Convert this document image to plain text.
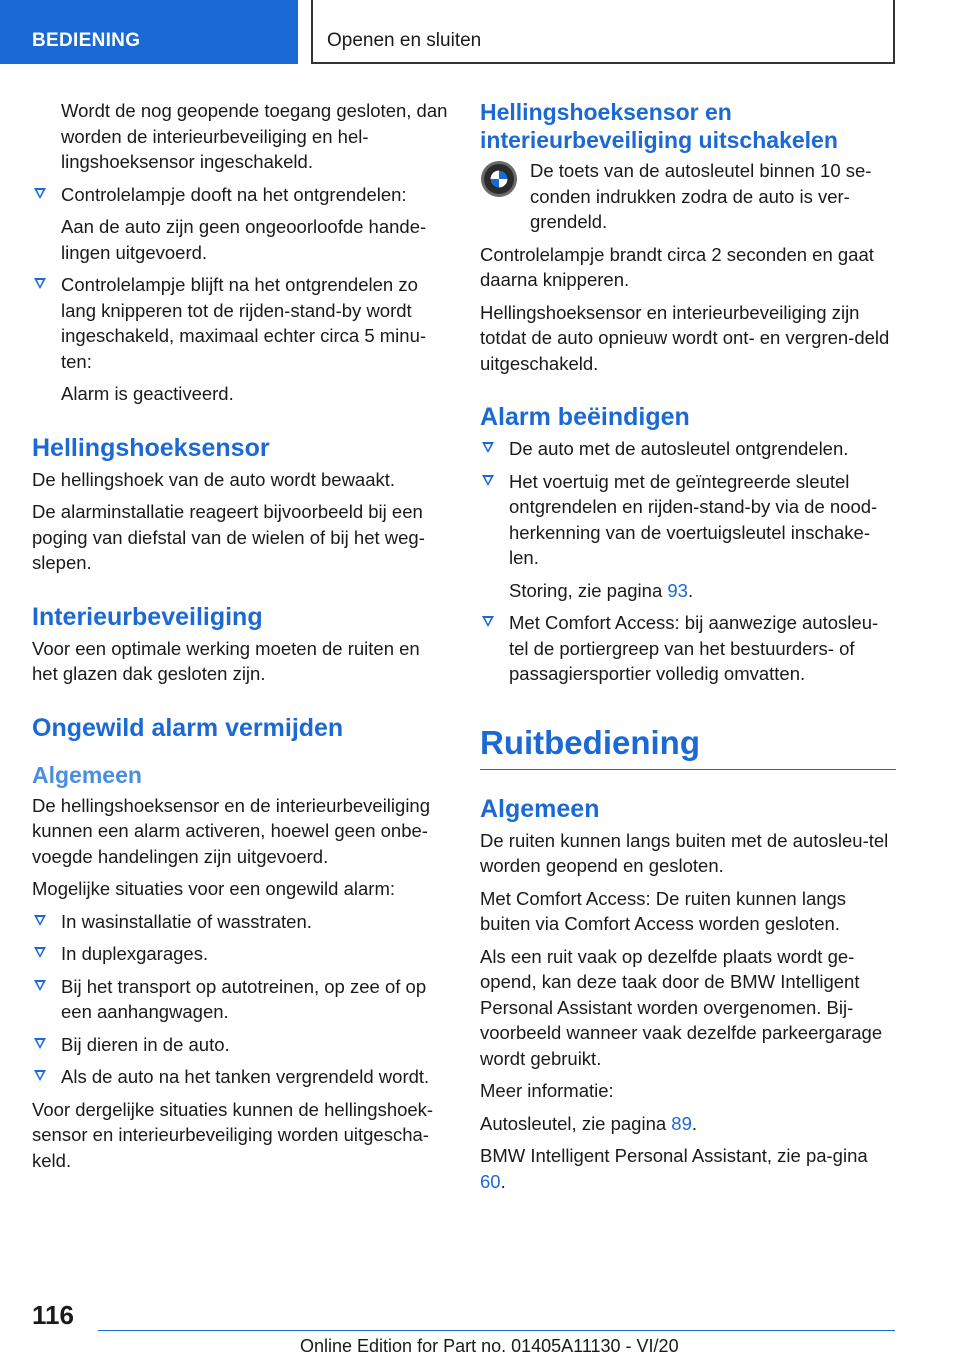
BEDIENING	Openen en sluiten

Wordt de nog geopende toegang gesloten, dan worden de interieurbeveiliging en hel-lingshoeksensor ingeschakeld.

Controlelampje dooft na het ontgrendelen:

Aan de auto zijn geen ongeoorloofde hande-lingen uitgevoerd.

Controlelampje blijft na het ontgrendelen zo lang knipperen tot de rijden-stand-by wordt ingeschakeld, maximaal echter circa 5 minu-ten:

Alarm is geactiveerd.

Hellingshoeksensor

De hellingshoek van de auto wordt bewaakt.

De alarminstallatie reageert bijvoorbeeld bij een poging van diefstal van de wielen of bij het weg-slepen.

Interieurbeveiliging

Voor een optimale werking moeten de ruiten en het glazen dak gesloten zijn.

Ongewild alarm vermijden
Algemeen

De hellingshoeksensor en de interieurbeveiliging kunnen een alarm activeren, hoewel geen onbe-voegde handelingen zijn uitgevoerd.

Mogelijke situaties voor een ongewild alarm:

In wasinstallatie of wasstraten.
In duplexgarages.
Bij het transport op autotreinen, op zee of op een aanhangwagen.
Bij dieren in de auto.
Als de auto na het tanken vergrendeld wordt.

Voor dergelijke situaties kunnen de hellingshoek-sensor en interieurbeveiliging worden uitgescha-keld.

Hellingshoeksensor en interieurbeveiliging uitschakelen

De toets van de autosleutel binnen 10 se-conden indrukken zodra de auto is ver-grendeld.

Controlelampje brandt circa 2 seconden en gaat daarna knipperen.

Hellingshoeksensor en interieurbeveiliging zijn totdat de auto opnieuw wordt ont- en vergren-deld uitgeschakeld.

Alarm beëindigen
De auto met de autosleutel ontgrendelen.

Het voertuig met de geïntegreerde sleutel ontgrendelen en rijden-stand-by via de nood-herkenning van de voertuigsleutel inschake-len.

Storing, zie pagina 93.

Met Comfort Access: bij aanwezige autosleu-tel de portiergreep van het bestuurders- of passagiersportier volledig omvatten.
Ruitbediening
Algemeen

De ruiten kunnen langs buiten met de autosleu-tel worden geopend en gesloten.

Met Comfort Access: De ruiten kunnen langs buiten via Comfort Access worden gesloten.

Als een ruit vaak op dezelfde plaats wordt ge-opend, kan deze taak door de BMW Intelligent Personal Assistant worden overgenomen. Bij-voorbeeld wanneer vaak dezelfde parkeergarage wordt gebruikt.

Meer informatie:

Autosleutel, zie pagina 89.

BMW Intelligent Personal Assistant, zie pa-gina 60.

116
Online Edition for Part no. 01405A11130 - VI/20
